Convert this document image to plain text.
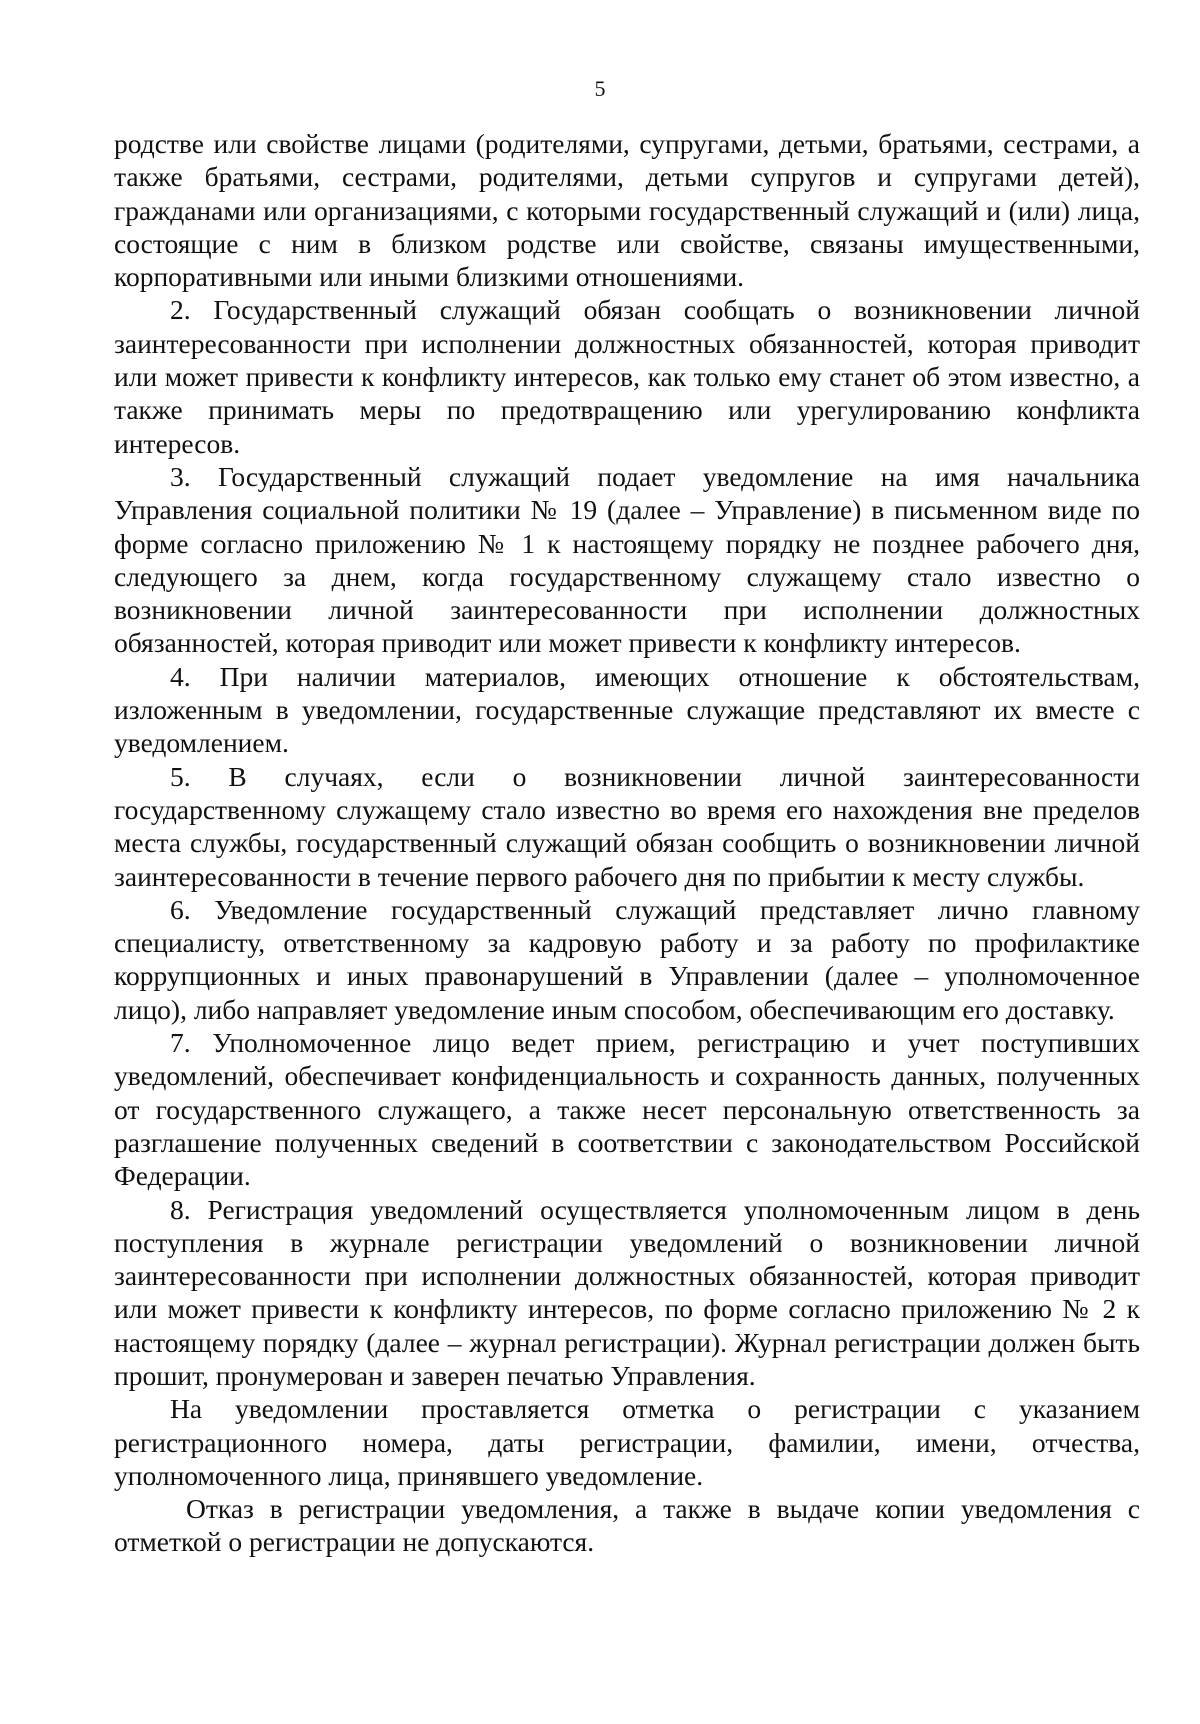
5

родстве или свойстве лицами (родителями, супругами, детьми, братьями, сестрами, а также братьями, сестрами, родителями, детьми супругов и супругами детей), гражданами или организациями, с которыми государственный служащий и (или) лица, состоящие с ним в близком родстве или свойстве, связаны имущественными, корпоративными или иными близкими отношениями.

2. Государственный служащий обязан сообщать о возникновении личной заинтересованности при исполнении должностных обязанностей, которая приводит или может привести к конфликту интересов, как только ему станет об этом известно, а также принимать меры по предотвращению или урегулированию конфликта интересов.

3. Государственный служащий подает уведомление на имя начальника Управления социальной политики № 19 (далее – Управление) в письменном виде по форме согласно приложению № 1 к настоящему порядку не позднее рабочего дня, следующего за днем, когда государственному служащему стало известно о возникновении личной заинтересованности при исполнении должностных обязанностей, которая приводит или может привести к конфликту интересов.

4. При наличии материалов, имеющих отношение к обстоятельствам, изложенным в уведомлении, государственные служащие представляют их вместе с уведомлением.

5. В случаях, если о возникновении личной заинтересованности государственному служащему стало известно во время его нахождения вне пределов места службы, государственный служащий обязан сообщить о возникновении личной заинтересованности в течение первого рабочего дня по прибытии к месту службы.

6. Уведомление государственный служащий представляет лично главному специалисту, ответственному за кадровую работу и за работу по профилактике коррупционных и иных правонарушений в Управлении (далее – уполномоченное лицо), либо направляет уведомление иным способом, обеспечивающим его доставку.

7. Уполномоченное лицо ведет прием, регистрацию и учет поступивших уведомлений, обеспечивает конфиденциальность и сохранность данных, полученных от государственного служащего, а также несет персональную ответственность за разглашение полученных сведений в соответствии с законодательством Российской Федерации.

8. Регистрация уведомлений осуществляется уполномоченным лицом в день поступления в журнале регистрации уведомлений о возникновении личной заинтересованности при исполнении должностных обязанностей, которая приводит или может привести к конфликту интересов, по форме согласно приложению № 2 к настоящему порядку (далее – журнал регистрации). Журнал регистрации должен быть прошит, пронумерован и заверен печатью Управления.

На уведомлении проставляется отметка о регистрации с указанием регистрационного номера, даты регистрации, фамилии, имени, отчества, уполномоченного лица, принявшего уведомление.

Отказ в регистрации уведомления, а также в выдаче копии уведомления с отметкой о регистрации не допускаются.
